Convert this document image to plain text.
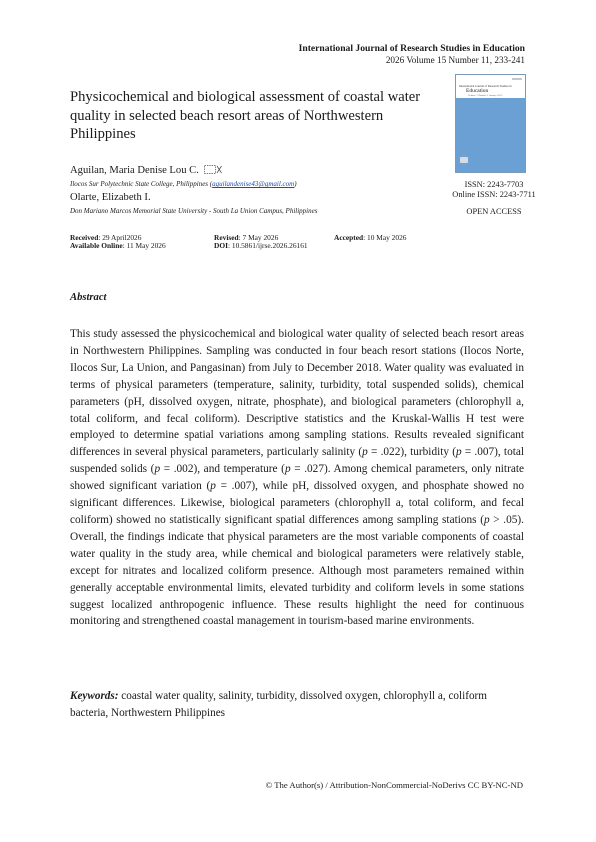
International Journal of Research Studies in Education
2026 Volume 15 Number 11, 233-241
Physicochemical and biological assessment of coastal water quality in selected beach resort areas of Northwestern Philippines
Aguilan, Maria Denise Lou C.
Ilocos Sur Polytechnic State College, Philippines (aguilandenise43@gmail.com)
Olarte, Elizabeth I.
Don Mariano Marcos Memorial State University - South La Union Campus, Philippines
International Journal of Research Studies in
Education
Volume 1 Number 1 January 2012
ISSN: 2243-7703
Online ISSN: 2243-7711
OPEN ACCESS
Received: 29 April2026	Revised: 7 May 2026	Accepted: 10 May 2026
Available Online: 11 May 2026	DOI: 10.5861/ijrse.2026.26161
Abstract
This study assessed the physicochemical and biological water quality of selected beach resort areas in Northwestern Philippines. Sampling was conducted in four beach resort stations (Ilocos Norte, Ilocos Sur, La Union, and Pangasinan) from July to December 2018. Water quality was evaluated in terms of physical parameters (temperature, salinity, turbidity, total suspended solids), chemical parameters (pH, dissolved oxygen, nitrate, phosphate), and biological parameters (chlorophyll a, total coliform, and fecal coliform). Descriptive statistics and the Kruskal-Wallis H test were employed to determine spatial variations among sampling stations. Results revealed significant differences in several physical parameters, particularly salinity (p = .022), turbidity (p = .007), total suspended solids (p = .002), and temperature (p = .027). Among chemical parameters, only nitrate showed significant variation (p = .007), while pH, dissolved oxygen, and phosphate showed no significant differences. Likewise, biological parameters (chlorophyll a, total coliform, and fecal coliform) showed no statistically significant spatial differences among sampling stations (p > .05). Overall, the findings indicate that physical parameters are the most variable components of coastal water quality in the study area, while chemical and biological parameters were relatively stable, except for nitrates and localized coliform presence. Although most parameters remained within generally acceptable environmental limits, elevated turbidity and coliform levels in some stations suggest localized anthropogenic influence. These results highlight the need for continuous monitoring and strengthened coastal management in tourism-based marine environments.
Keywords: coastal water quality, salinity, turbidity, dissolved oxygen, chlorophyll a, coliform bacteria, Northwestern Philippines
© The Author(s) / Attribution-NonCommercial-NoDerivs CC BY-NC-ND
